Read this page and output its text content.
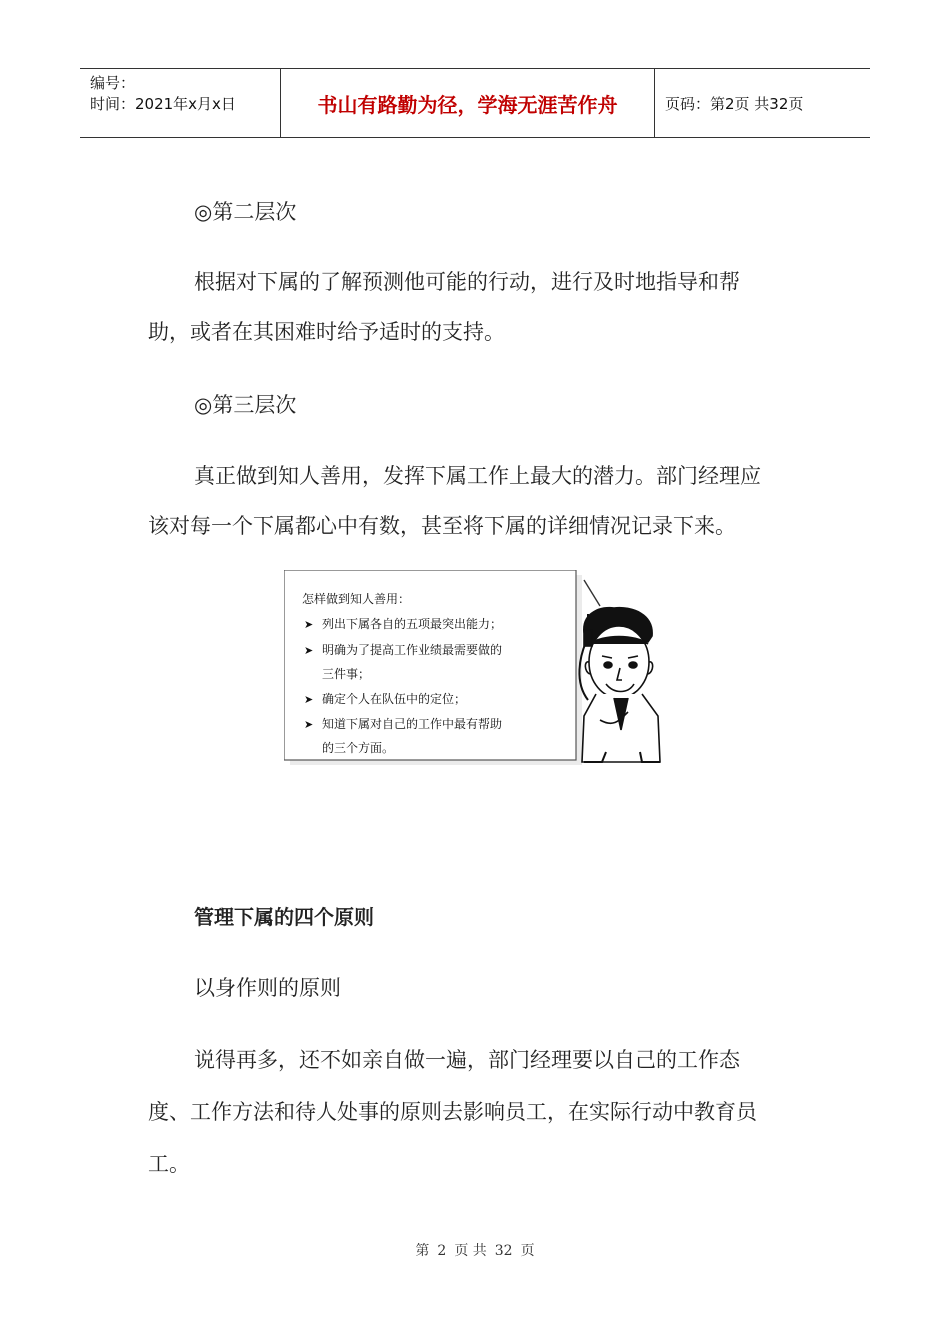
编号：
时间：2021年x月x日	书山有路勤为径，学海无涯苦作舟	页码：第2页 共32页
◎第二层次
根据对下属的了解预测他可能的行动，进行及时地指导和帮
助，或者在其困难时给予适时的支持。
◎第三层次
真正做到知人善用，发挥下属工作上最大的潜力。部门经理应
该对每一个下属都心中有数，甚至将下属的详细情况记录下来。
怎样做到知人善用：
➤ 列出下属各自的五项最突出能力；
➤ 明确为了提高工作业绩最需要做的
三件事；
➤ 确定个人在队伍中的定位；
➤ 知道下属对自己的工作中最有帮助
的三个方面。
管理下属的四个原则
以身作则的原则
说得再多，还不如亲自做一遍，部门经理要以自己的工作态
度、工作方法和待人处事的原则去影响员工，在实际行动中教育员
工。
第 2 页 共 32 页
